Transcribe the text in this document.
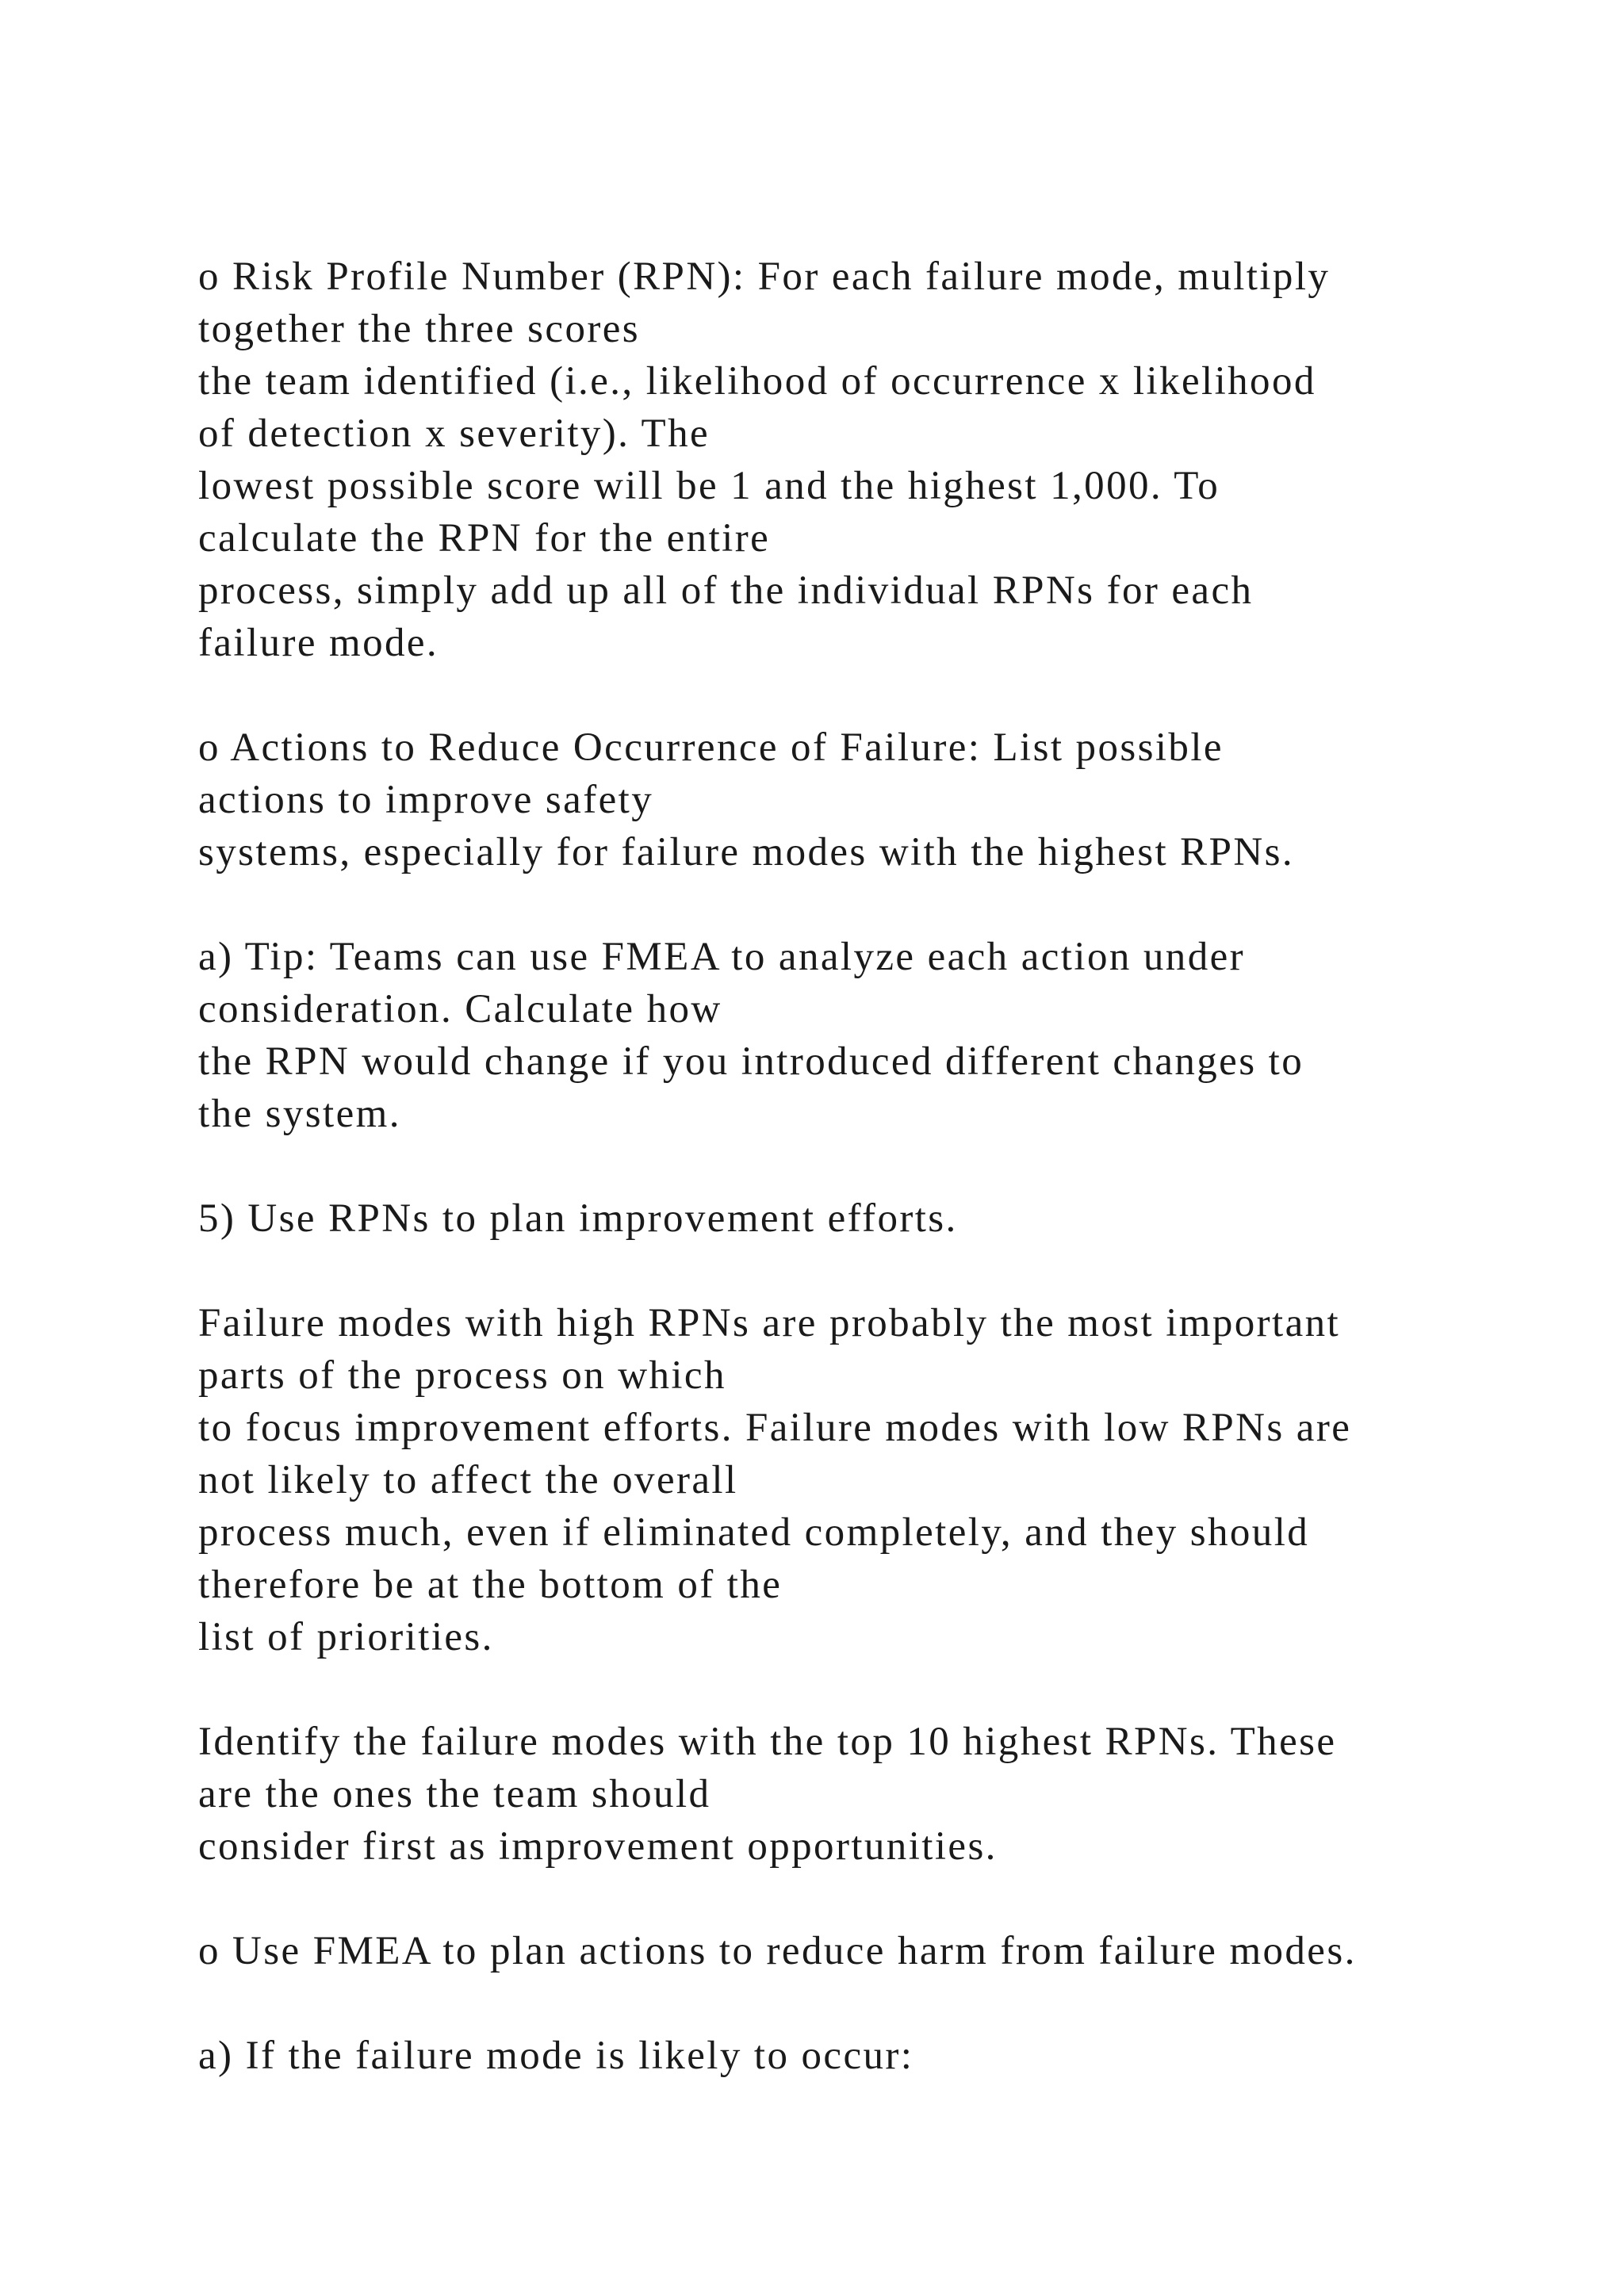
o Risk Profile Number (RPN): For each failure mode, multiply
together the three scores
the team identified (i.e., likelihood of occurrence x likelihood
of detection x severity). The
lowest possible score will be 1 and the highest 1,000. To
calculate the RPN for the entire
process, simply add up all of the individual RPNs for each
failure mode.
o Actions to Reduce Occurrence of Failure: List possible
actions to improve safety
systems, especially for failure modes with the highest RPNs.
a) Tip: Teams can use FMEA to analyze each action under
consideration. Calculate how
the RPN would change if you introduced different changes to
the system.
5) Use RPNs to plan improvement efforts.
Failure modes with high RPNs are probably the most important
parts of the process on which
to focus improvement efforts. Failure modes with low RPNs are
not likely to affect the overall
process much, even if eliminated completely, and they should
therefore be at the bottom of the
list of priorities.
Identify the failure modes with the top 10 highest RPNs. These
are the ones the team should
consider first as improvement opportunities.
o Use FMEA to plan actions to reduce harm from failure modes.
a) If the failure mode is likely to occur:
